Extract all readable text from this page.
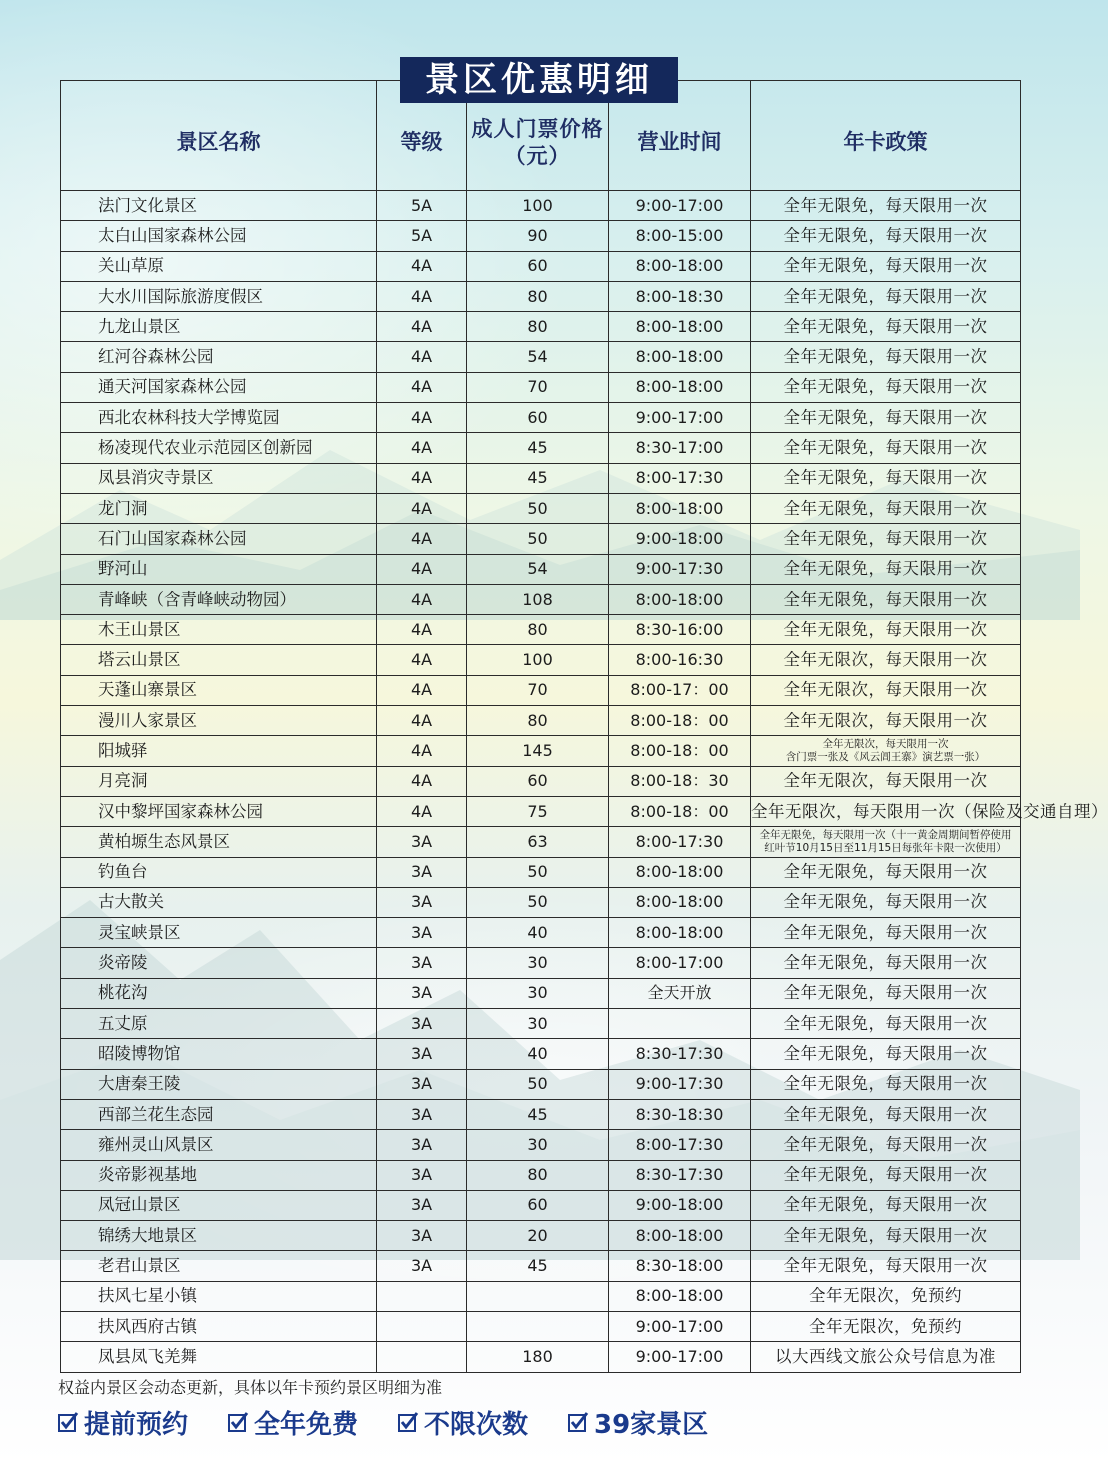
景区优惠明细
景区名称	等级	成人门票价格（元）	营业时间	年卡政策
法门文化景区	5A	100	9:00-17:00	全年无限免，每天限用一次
太白山国家森林公园	5A	90	8:00-15:00	全年无限免，每天限用一次
关山草原	4A	60	8:00-18:00	全年无限免，每天限用一次
大水川国际旅游度假区	4A	80	8:00-18:30	全年无限免，每天限用一次
九龙山景区	4A	80	8:00-18:00	全年无限免，每天限用一次
红河谷森林公园	4A	54	8:00-18:00	全年无限免，每天限用一次
通天河国家森林公园	4A	70	8:00-18:00	全年无限免，每天限用一次
西北农林科技大学博览园	4A	60	9:00-17:00	全年无限免，每天限用一次
杨凌现代农业示范园区创新园	4A	45	8:30-17:00	全年无限免，每天限用一次
凤县消灾寺景区	4A	45	8:00-17:30	全年无限免，每天限用一次
龙门洞	4A	50	8:00-18:00	全年无限免，每天限用一次
石门山国家森林公园	4A	50	9:00-18:00	全年无限免，每天限用一次
野河山	4A	54	9:00-17:30	全年无限免，每天限用一次
青峰峡（含青峰峡动物园）	4A	108	8:00-18:00	全年无限免，每天限用一次
木王山景区	4A	80	8:30-16:00	全年无限免，每天限用一次
塔云山景区	4A	100	8:00-16:30	全年无限次，每天限用一次
天蓬山寨景区	4A	70	8:00-17：00	全年无限次，每天限用一次
漫川人家景区	4A	80	8:00-18：00	全年无限次，每天限用一次
阳城驿	4A	145	8:00-18：00	全年无限次，每天限用一次
含门票一张及《风云阊王寨》演艺票一张）

月亮洞	4A	60	8:00-18：30	全年无限次，每天限用一次
汉中黎坪国家森林公园	4A	75	8:00-18：00	全年无限次，每天限用一次（保险及交通自理）
黄柏塬生态风景区	3A	63	8:00-17:30	全年无限免，每天限用一次（十一黄金周期间暂停使用
红叶节10月15日至11月15日每张年卡限一次使用）

钓鱼台	3A	50	8:00-18:00	全年无限免，每天限用一次
古大散关	3A	50	8:00-18:00	全年无限免，每天限用一次
灵宝峡景区	3A	40	8:00-18:00	全年无限免，每天限用一次
炎帝陵	3A	30	8:00-17:00	全年无限免，每天限用一次
桃花沟	3A	30	全天开放	全年无限免，每天限用一次
五丈原	3A	30		全年无限免，每天限用一次
昭陵博物馆	3A	40	8:30-17:30	全年无限免，每天限用一次
大唐秦王陵	3A	50	9:00-17:30	全年无限免，每天限用一次
西部兰花生态园	3A	45	8:30-18:30	全年无限免，每天限用一次
雍州灵山风景区	3A	30	8:00-17:30	全年无限免，每天限用一次
炎帝影视基地	3A	80	8:30-17:30	全年无限免，每天限用一次
凤冠山景区	3A	60	9:00-18:00	全年无限免，每天限用一次
锦绣大地景区	3A	20	8:00-18:00	全年无限免，每天限用一次
老君山景区	3A	45	8:30-18:00	全年无限免，每天限用一次
扶风七星小镇			8:00-18:00	全年无限次，免预约
扶风西府古镇			9:00-17:00	全年无限次，免预约
凤县凤飞羌舞		180	9:00-17:00	以大西线文旅公众号信息为准
权益内景区会动态更新，具体以年卡预约景区明细为准
提前预约	全年免费	不限次数	39家景区
